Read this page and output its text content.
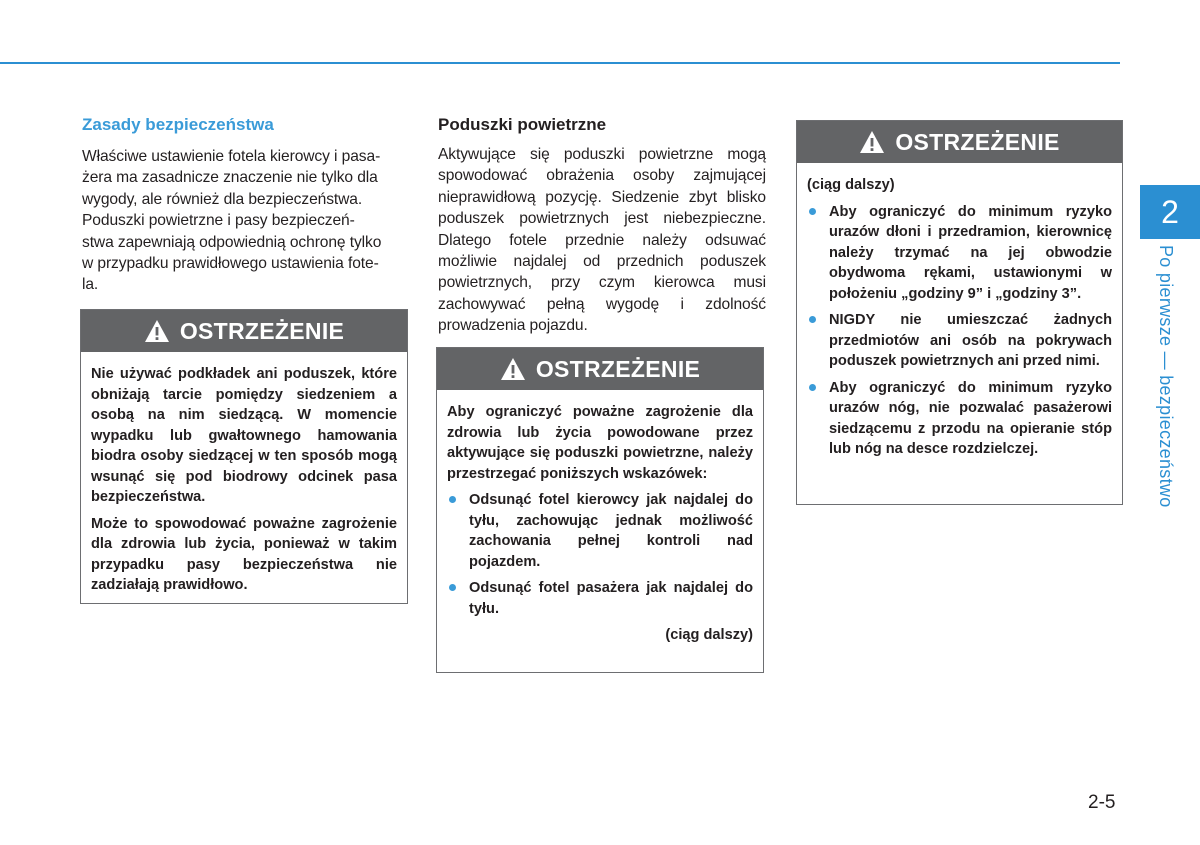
Zasady bezpieczeństwa
Właściwe ustawienie fotela kierowcy i pasa-
żera ma zasadnicze znaczenie nie tylko dla
wygody, ale również dla bezpieczeństwa.
Poduszki powietrzne i pasy bezpieczeń-
stwa zapewniają odpowiednią ochronę tylko
w przypadku prawidłowego ustawienia fote-
la.
OSTRZEŻENIE

Nie używać podkładek ani poduszek, które obniżają tarcie pomiędzy siedzeniem a osobą na nim siedzącą. W momencie wypadku lub gwałtownego hamowania biodra osoby siedzącej w ten sposób mogą wsunąć się pod biodrowy odcinek pasa bezpieczeństwa.

Może to spowodować poważne zagrożenie dla zdrowia lub życia, ponieważ w takim przypadku pasy bezpieczeństwa nie zadziałają prawidłowo.

Poduszki powietrzne
Aktywujące się poduszki powietrzne mogą spowodować obrażenia osoby zajmującej nieprawidłową pozycję. Siedzenie zbyt blisko poduszek powietrznych jest niebezpieczne. Dlatego fotele przednie należy odsuwać możliwie najdalej od przednich poduszek powietrznych, przy czym kierowca musi zachowywać pełną wygodę i zdolność prowadzenia pojazdu.
OSTRZEŻENIE

Aby ograniczyć poważne zagrożenie dla zdrowia lub życia powodowane przez aktywujące się poduszki powietrzne, należy przestrzegać poniższych wskazówek:

Odsunąć fotel kierowcy jak najdalej do tyłu, zachowując jednak możliwość zachowania pełnej kontroli nad pojazdem.
Odsunąć fotel pasażera jak najdalej do tyłu.

(ciąg dalszy)

OSTRZEŻENIE

(ciąg dalszy)

Aby ograniczyć do minimum ryzyko urazów dłoni i przedramion, kierownicę należy trzymać na jej obwodzie obydwoma rękami, ustawionymi w położeniu „godziny 9” i „godziny 3”.
NIGDY nie umieszczać żadnych przedmiotów ani osób na pokrywach poduszek powietrznych ani przed nimi.
Aby ograniczyć do minimum ryzyko urazów nóg, nie pozwalać pasażerowi siedzącemu z przodu na opieranie stóp lub nóg na desce rozdzielczej.
2
Po pierwsze — bezpieczeństwo
2-5
